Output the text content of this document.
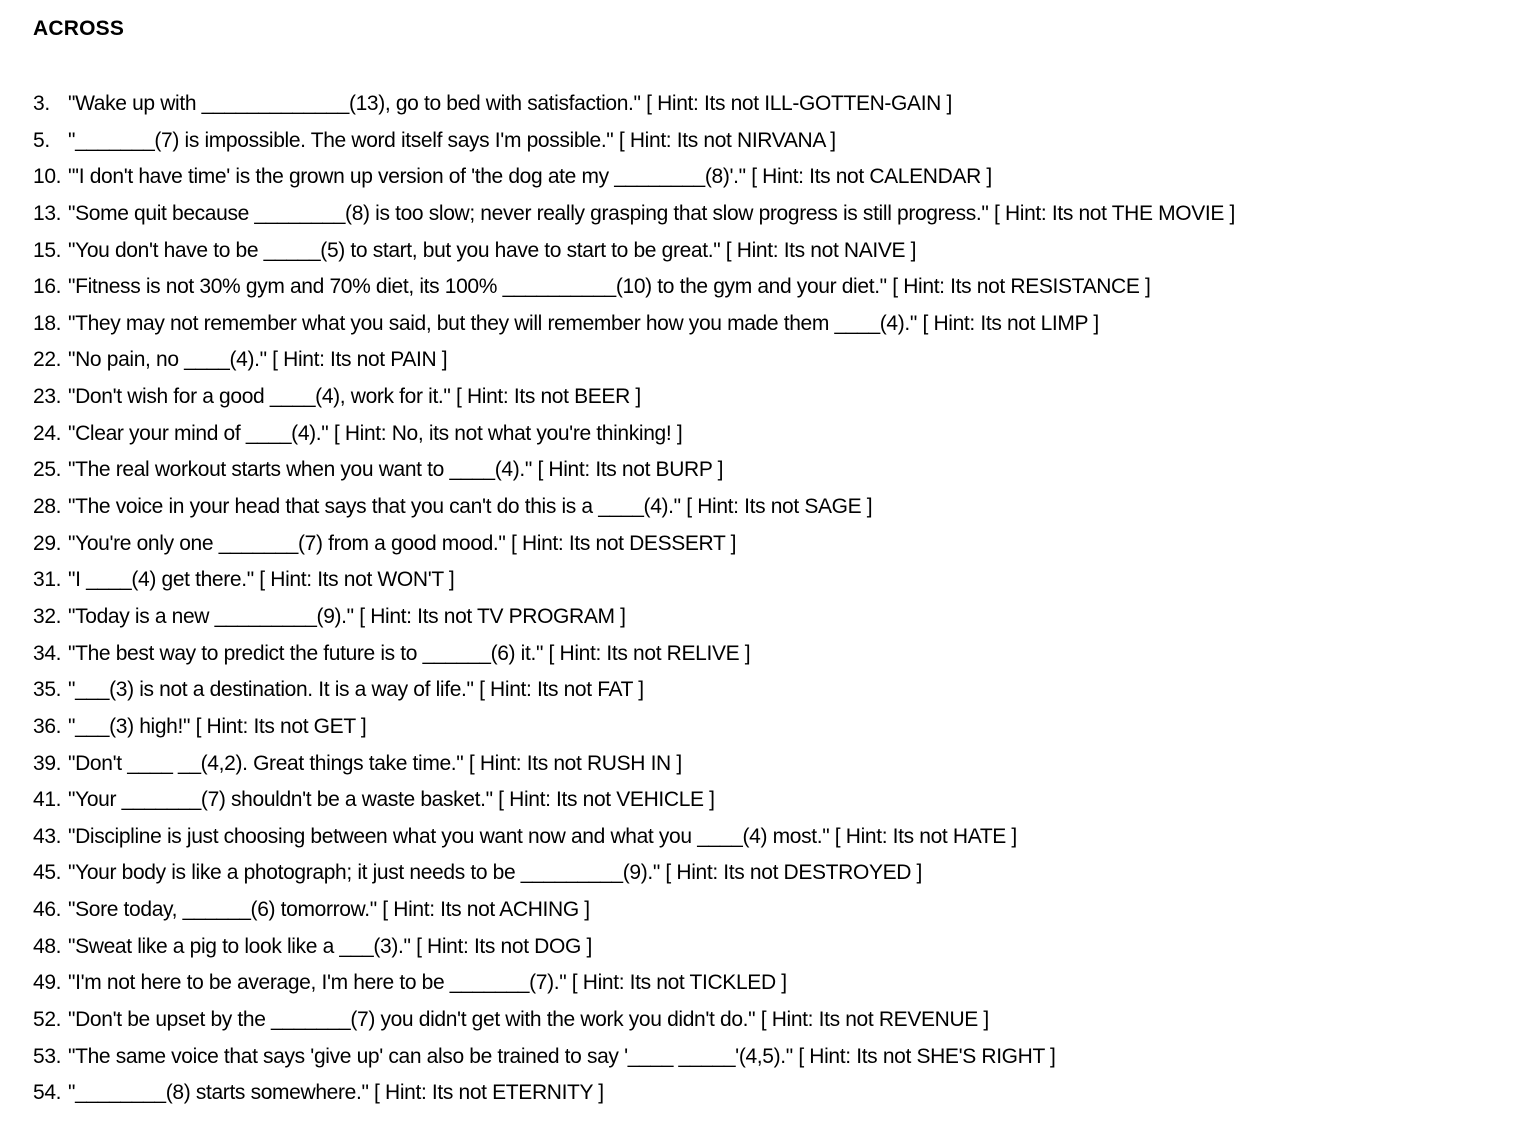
ACROSS
3. "Wake up with _____________(13), go to bed with satisfaction." [ Hint: Its not ILL-GOTTEN-GAIN ]
5. "_______(7) is impossible. The word itself says I'm possible." [ Hint: Its not NIRVANA ]
10. "'I don't have time' is the grown up version of 'the dog ate my ________(8)'." [ Hint: Its not CALENDAR ]
13. "Some quit because ________(8) is too slow; never really grasping that slow progress is still progress." [ Hint: Its not THE MOVIE ]
15. "You don't have to be _____(5) to start, but you have to start to be great." [ Hint: Its not NAIVE ]
16. "Fitness is not 30% gym and 70% diet, its 100% __________(10) to the gym and your diet." [ Hint: Its not RESISTANCE ]
18. "They may not remember what you said, but they will remember how you made them ____(4)." [ Hint: Its not LIMP ]
22. "No pain, no ____(4)." [ Hint: Its not PAIN ]
23. "Don't wish for a good ____(4), work for it." [ Hint: Its not BEER ]
24. "Clear your mind of ____(4)." [ Hint: No, its not what you're thinking! ]
25. "The real workout starts when you want to ____(4)." [ Hint: Its not BURP ]
28. "The voice in your head that says that you can't do this is a ____(4)." [ Hint: Its not SAGE ]
29. "You're only one _______(7) from a good mood." [ Hint: Its not DESSERT ]
31. "I ____(4) get there." [ Hint: Its not WON'T ]
32. "Today is a new _________(9)." [ Hint: Its not TV PROGRAM ]
34. "The best way to predict the future is to ______(6) it." [ Hint: Its not RELIVE ]
35. "___(3) is not a destination. It is a way of life." [ Hint: Its not FAT ]
36. "___(3) high!" [ Hint: Its not GET ]
39. "Don't ____ __(4,2). Great things take time." [ Hint: Its not RUSH IN ]
41. "Your _______(7) shouldn't be a waste basket." [ Hint: Its not VEHICLE ]
43. "Discipline is just choosing between what you want now and what you ____(4) most." [ Hint: Its not HATE ]
45. "Your body is like a photograph; it just needs to be _________(9)." [ Hint: Its not DESTROYED ]
46. "Sore today, ______(6) tomorrow." [ Hint: Its not ACHING ]
48. "Sweat like a pig to look like a ___(3)." [ Hint: Its not DOG ]
49. "I'm not here to be average, I'm here to be _______(7)." [ Hint: Its not TICKLED ]
52. "Don't be upset by the _______(7) you didn't get with the work you didn't do." [ Hint: Its not REVENUE ]
53. "The same voice that says 'give up' can also be trained to say '____ _____'(4,5)." [ Hint: Its not SHE'S RIGHT ]
54. "________(8) starts somewhere." [ Hint: Its not ETERNITY ]
